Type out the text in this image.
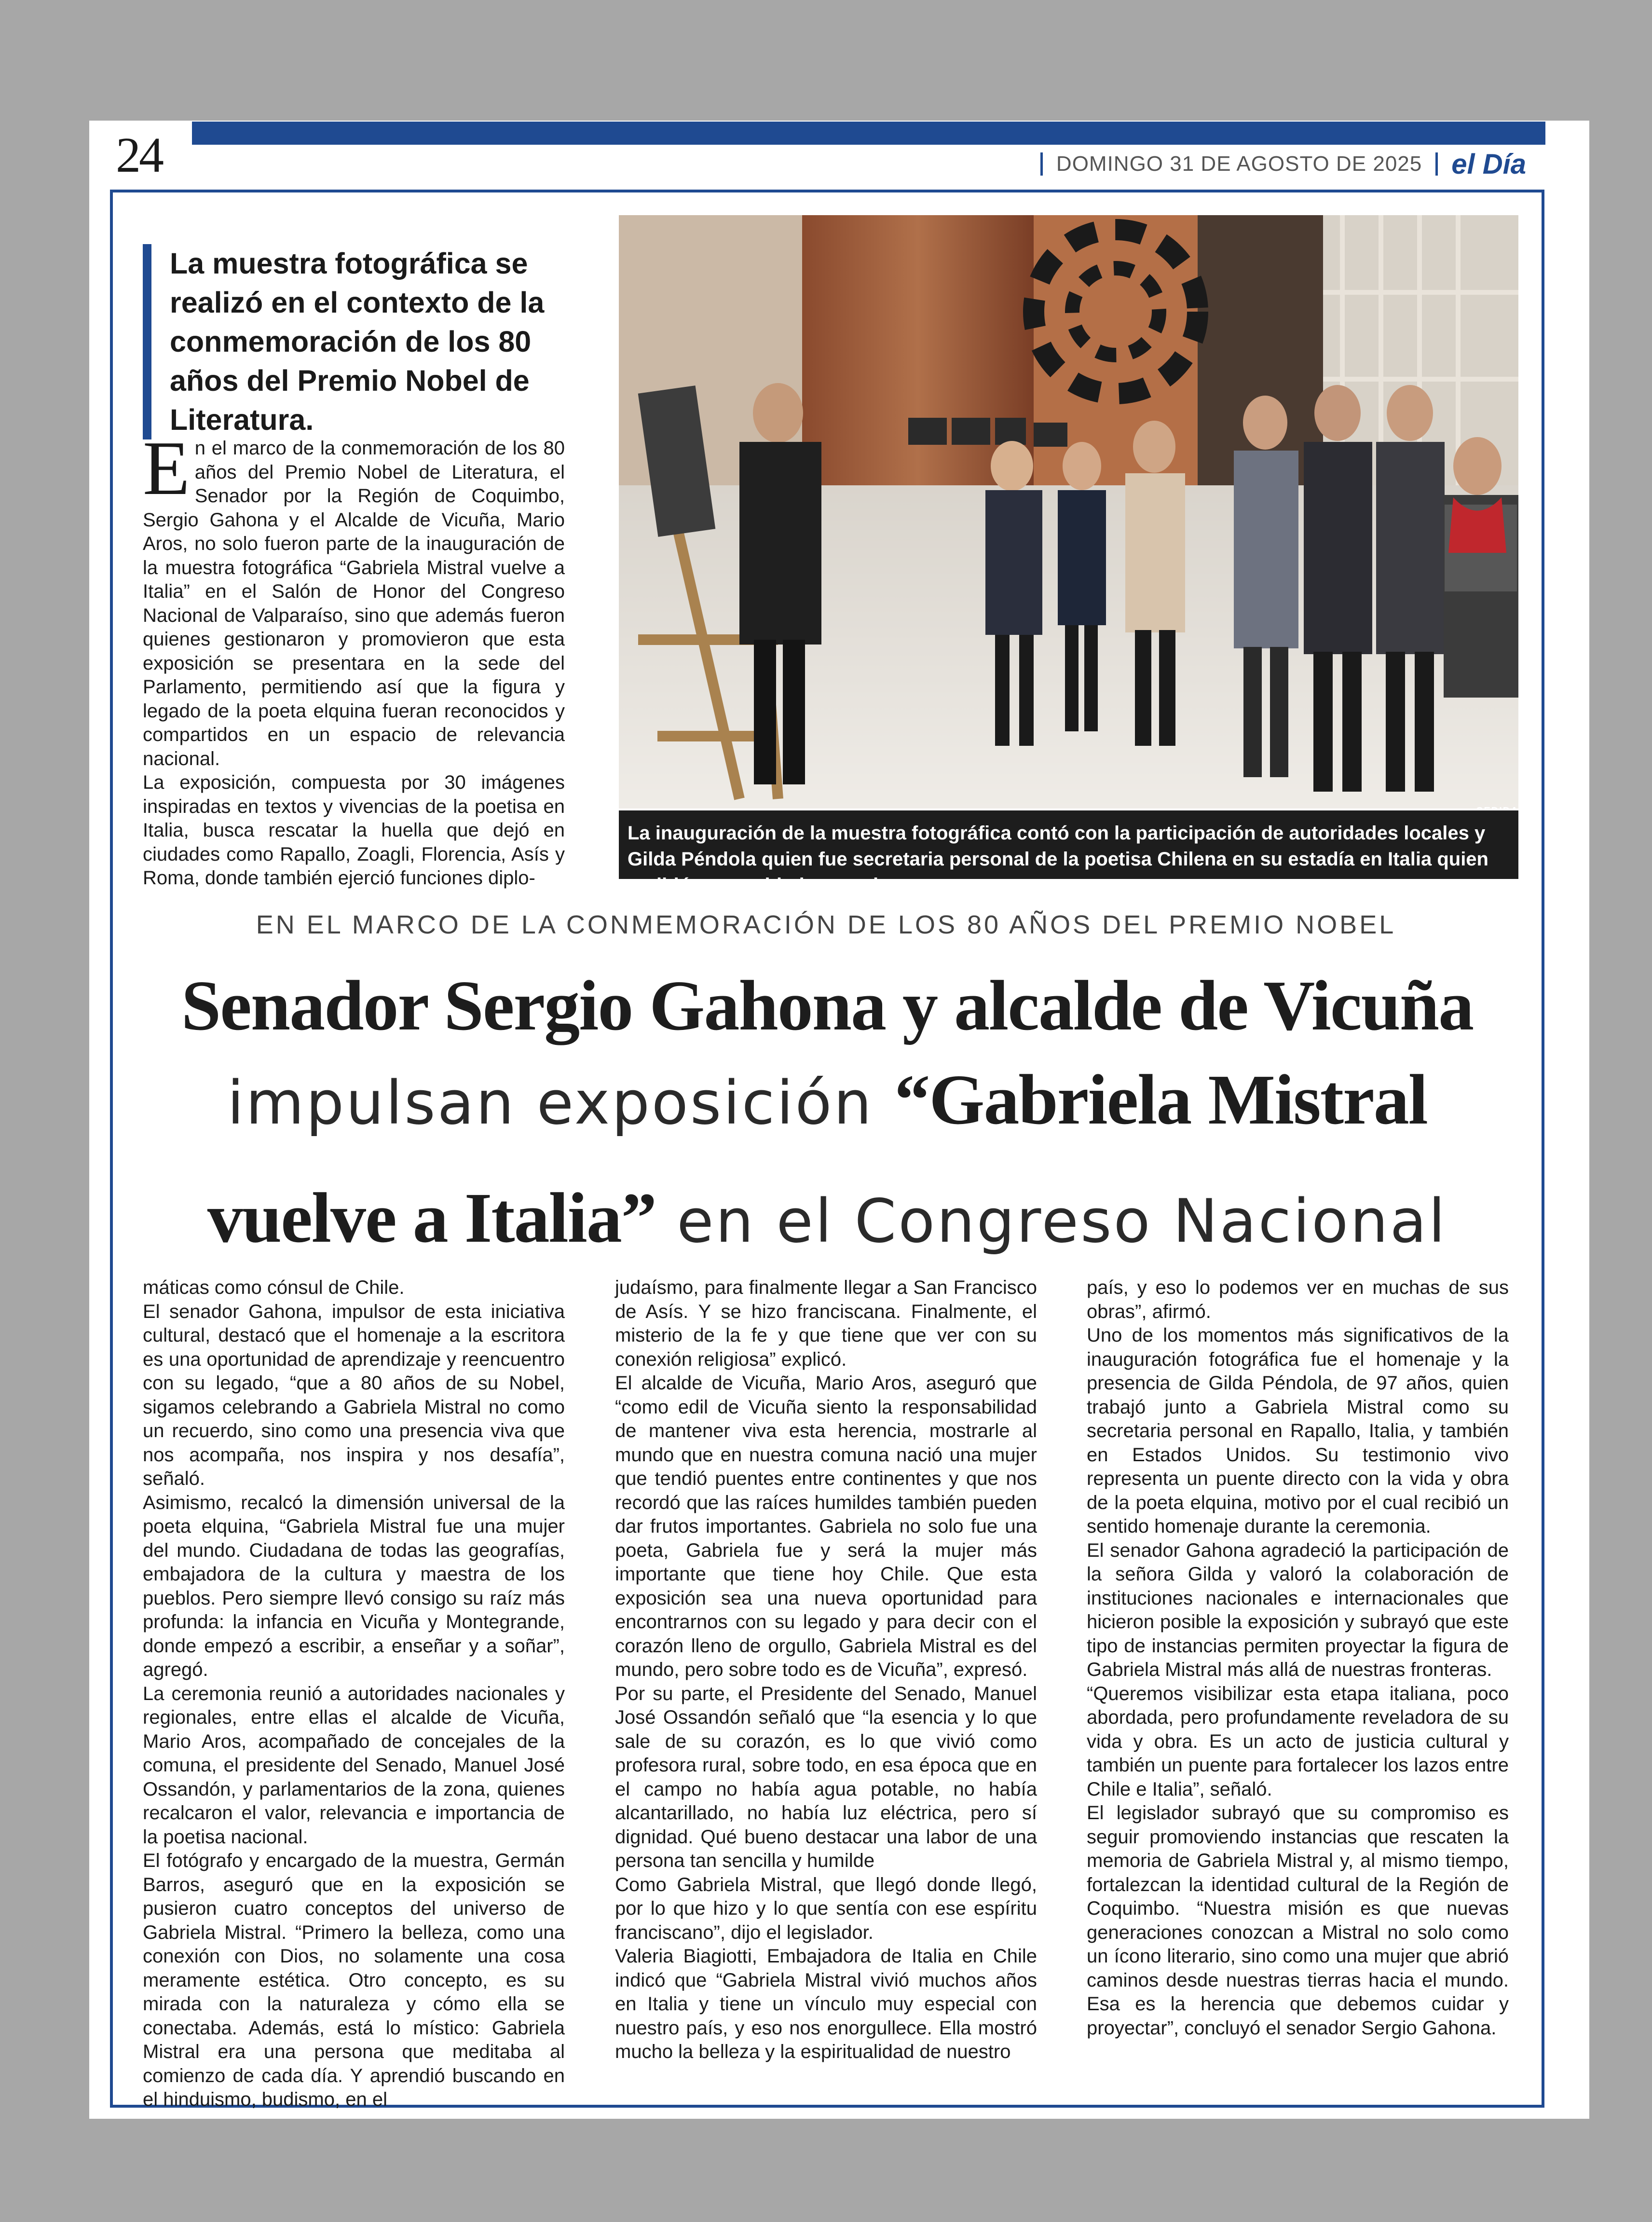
24	DOMINGO 31 DE AGOSTO DE 2025 el Día
La muestra fotográfica se realizó en el contexto de la conmemoración de los 80 años del Premio Nobel de Literatura.
E n el marco de la conmemoración de los 80 años del Premio Nobel de Literatura, el Senador por la Región de Coquimbo, Sergio Gahona y el Alcalde de Vicuña, Mario Aros, no solo fueron parte de la inauguración de la muestra fotográfica “Gabriela Mistral vuelve a Italia” en el Salón de Honor del Congreso Nacional de Valparaíso, sino que además fueron quienes gestionaron y promovieron que esta exposición se presentara en la sede del Parlamento, permitiendo así que la figura y legado de la poeta elquina fueran reconocidos y compartidos en un espacio de relevancia nacional.

La exposición, compuesta por 30 imágenes inspiradas en textos y vivencias de la poetisa en Italia, busca rescatar la huella que dejó en ciudades como Rapallo, Zoagli, Florencia, Asís y Roma, donde también ejerció funciones diplo-

La inauguración de la muestra fotográfica contó con la participación de autoridades locales y Gilda Péndola quien fue secretaria personal de la poetisa Chilena en su estadía en Italia quien recibió un sentido homenaje.
EN EL MARCO DE LA CONMEMORACIÓN DE LOS 80 AÑOS DEL PREMIO NOBEL
Senador Sergio Gahona y alcalde de Vicuña
impulsan exposición “Gabriela Mistral
vuelve a Italia” en el Congreso Nacional

máticas como cónsul de Chile.

El senador Gahona, impulsor de esta iniciativa cultural, destacó que el homenaje a la escritora es una oportunidad de aprendizaje y reencuentro con su legado, “que a 80 años de su Nobel, sigamos celebrando a Gabriela Mistral no como un recuerdo, sino como una presencia viva que nos acompaña, nos inspira y nos desafía”, señaló.

Asimismo, recalcó la dimensión universal de la poeta elquina, “Gabriela Mistral fue una mujer del mundo. Ciudadana de todas las geografías, embajadora de la cultura y maestra de los pueblos. Pero siempre llevó consigo su raíz más profunda: la infancia en Vicuña y Montegrande, donde empezó a escribir, a enseñar y a soñar”, agregó.

La ceremonia reunió a autoridades nacionales y regionales, entre ellas el alcalde de Vicuña, Mario Aros, acompañado de concejales de la comuna, el presidente del Senado, Manuel José Ossandón, y parlamentarios de la zona, quienes recalcaron el valor, relevancia e importancia de la poetisa nacional.

El fotógrafo y encargado de la muestra, Germán Barros, aseguró que en la exposición se pusieron cuatro conceptos del universo de Gabriela Mistral. “Primero la belleza, como una conexión con Dios, no solamente una cosa meramente estética. Otro concepto, es su mirada con la naturaleza y cómo ella se conectaba. Además, está lo místico: Gabriela Mistral era una persona que meditaba al comienzo de cada día. Y aprendió buscando en el hinduismo, budismo, en el

judaísmo, para finalmente llegar a San Francisco de Asís. Y se hizo franciscana. Finalmente, el misterio de la fe y que tiene que ver con su conexión religiosa” explicó.

El alcalde de Vicuña, Mario Aros, aseguró que “como edil de Vicuña siento la responsabilidad de mantener viva esta herencia, mostrarle al mundo que en nuestra comuna nació una mujer que tendió puentes entre continentes y que nos recordó que las raíces humildes también pueden dar frutos importantes. Gabriela no solo fue una poeta, Gabriela fue y será la mujer más importante que tiene hoy Chile. Que esta exposición sea una nueva oportunidad para encontrarnos con su legado y para decir con el corazón lleno de orgullo, Gabriela Mistral es del mundo, pero sobre todo es de Vicuña”, expresó.

Por su parte, el Presidente del Senado, Manuel José Ossandón señaló que “la esencia y lo que sale de su corazón, es lo que vivió como profesora rural, sobre todo, en esa época que en el campo no había agua potable, no había alcantarillado, no había luz eléctrica, pero sí dignidad. Qué bueno destacar una labor de una persona tan sencilla y humilde

Como Gabriela Mistral, que llegó donde llegó, por lo que hizo y lo que sentía con ese espíritu franciscano”, dijo el legislador.

Valeria Biagiotti, Embajadora de Italia en Chile indicó que “Gabriela Mistral vivió muchos años en Italia y tiene un vínculo muy especial con nuestro país, y eso nos enorgullece. Ella mostró mucho la belleza y la espiritualidad de nuestro

país, y eso lo podemos ver en muchas de sus obras”, afirmó.

Uno de los momentos más significativos de la inauguración fotográfica fue el homenaje y la presencia de Gilda Péndola, de 97 años, quien trabajó junto a Gabriela Mistral como su secretaria personal en Rapallo, Italia, y también en Estados Unidos. Su testimonio vivo representa un puente directo con la vida y obra de la poeta elquina, motivo por el cual recibió un sentido homenaje durante la ceremonia.

El senador Gahona agradeció la participación de la señora Gilda y valoró la colaboración de instituciones nacionales e internacionales que hicieron posible la exposición y subrayó que este tipo de instancias permiten proyectar la figura de Gabriela Mistral más allá de nuestras fronteras.

“Queremos visibilizar esta etapa italiana, poco abordada, pero profundamente reveladora de su vida y obra. Es un acto de justicia cultural y también un puente para fortalecer los lazos entre Chile e Italia”, señaló.

El legislador subrayó que su compromiso es seguir promoviendo instancias que rescaten la memoria de Gabriela Mistral y, al mismo tiempo, fortalezcan la identidad cultural de la Región de Coquimbo. “Nuestra misión es que nuevas generaciones conozcan a Mistral no solo como un ícono literario, sino como una mujer que abrió caminos desde nuestras tierras hacia el mundo. Esa es la herencia que debemos cuidar y proyectar”, concluyó el senador Sergio Gahona.
